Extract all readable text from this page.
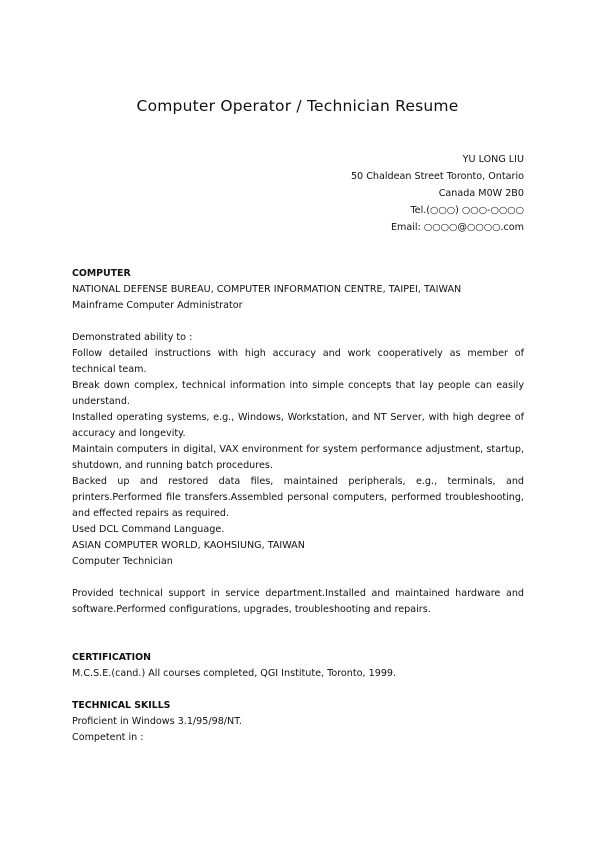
Computer Operator / Technician Resume
YU LONG LIU
50 Chaldean Street Toronto, Ontario
Canada M0W 2B0
Tel.(○○○) ○○○-○○○○
Email: ○○○○@○○○○.com
COMPUTER
NATIONAL DEFENSE BUREAU, COMPUTER INFORMATION CENTRE, TAIPEI, TAIWAN
Mainframe Computer Administrator
Demonstrated ability to :
Follow detailed instructions with high accuracy and work cooperatively as member of technical team.
Break down complex, technical information into simple concepts that lay people can easily understand.
Installed operating systems, e.g., Windows, Workstation, and NT Server, with high degree of accuracy and longevity.
Maintain computers in digital, VAX environment for system performance adjustment, startup, shutdown, and running batch procedures.
Backed up and restored data files, maintained peripherals, e.g., terminals, and printers.Performed file transfers.Assembled personal computers, performed troubleshooting, and effected repairs as required.
Used DCL Command Language.
ASIAN COMPUTER WORLD, KAOHSIUNG, TAIWAN
Computer Technician
Provided technical support in service department.Installed and maintained hardware and software.Performed configurations, upgrades, troubleshooting and repairs.
CERTIFICATION
M.C.S.E.(cand.) All courses completed, QGI Institute, Toronto, 1999.
TECHNICAL SKILLS
Proficient in Windows 3.1/95/98/NT.
Competent in :
